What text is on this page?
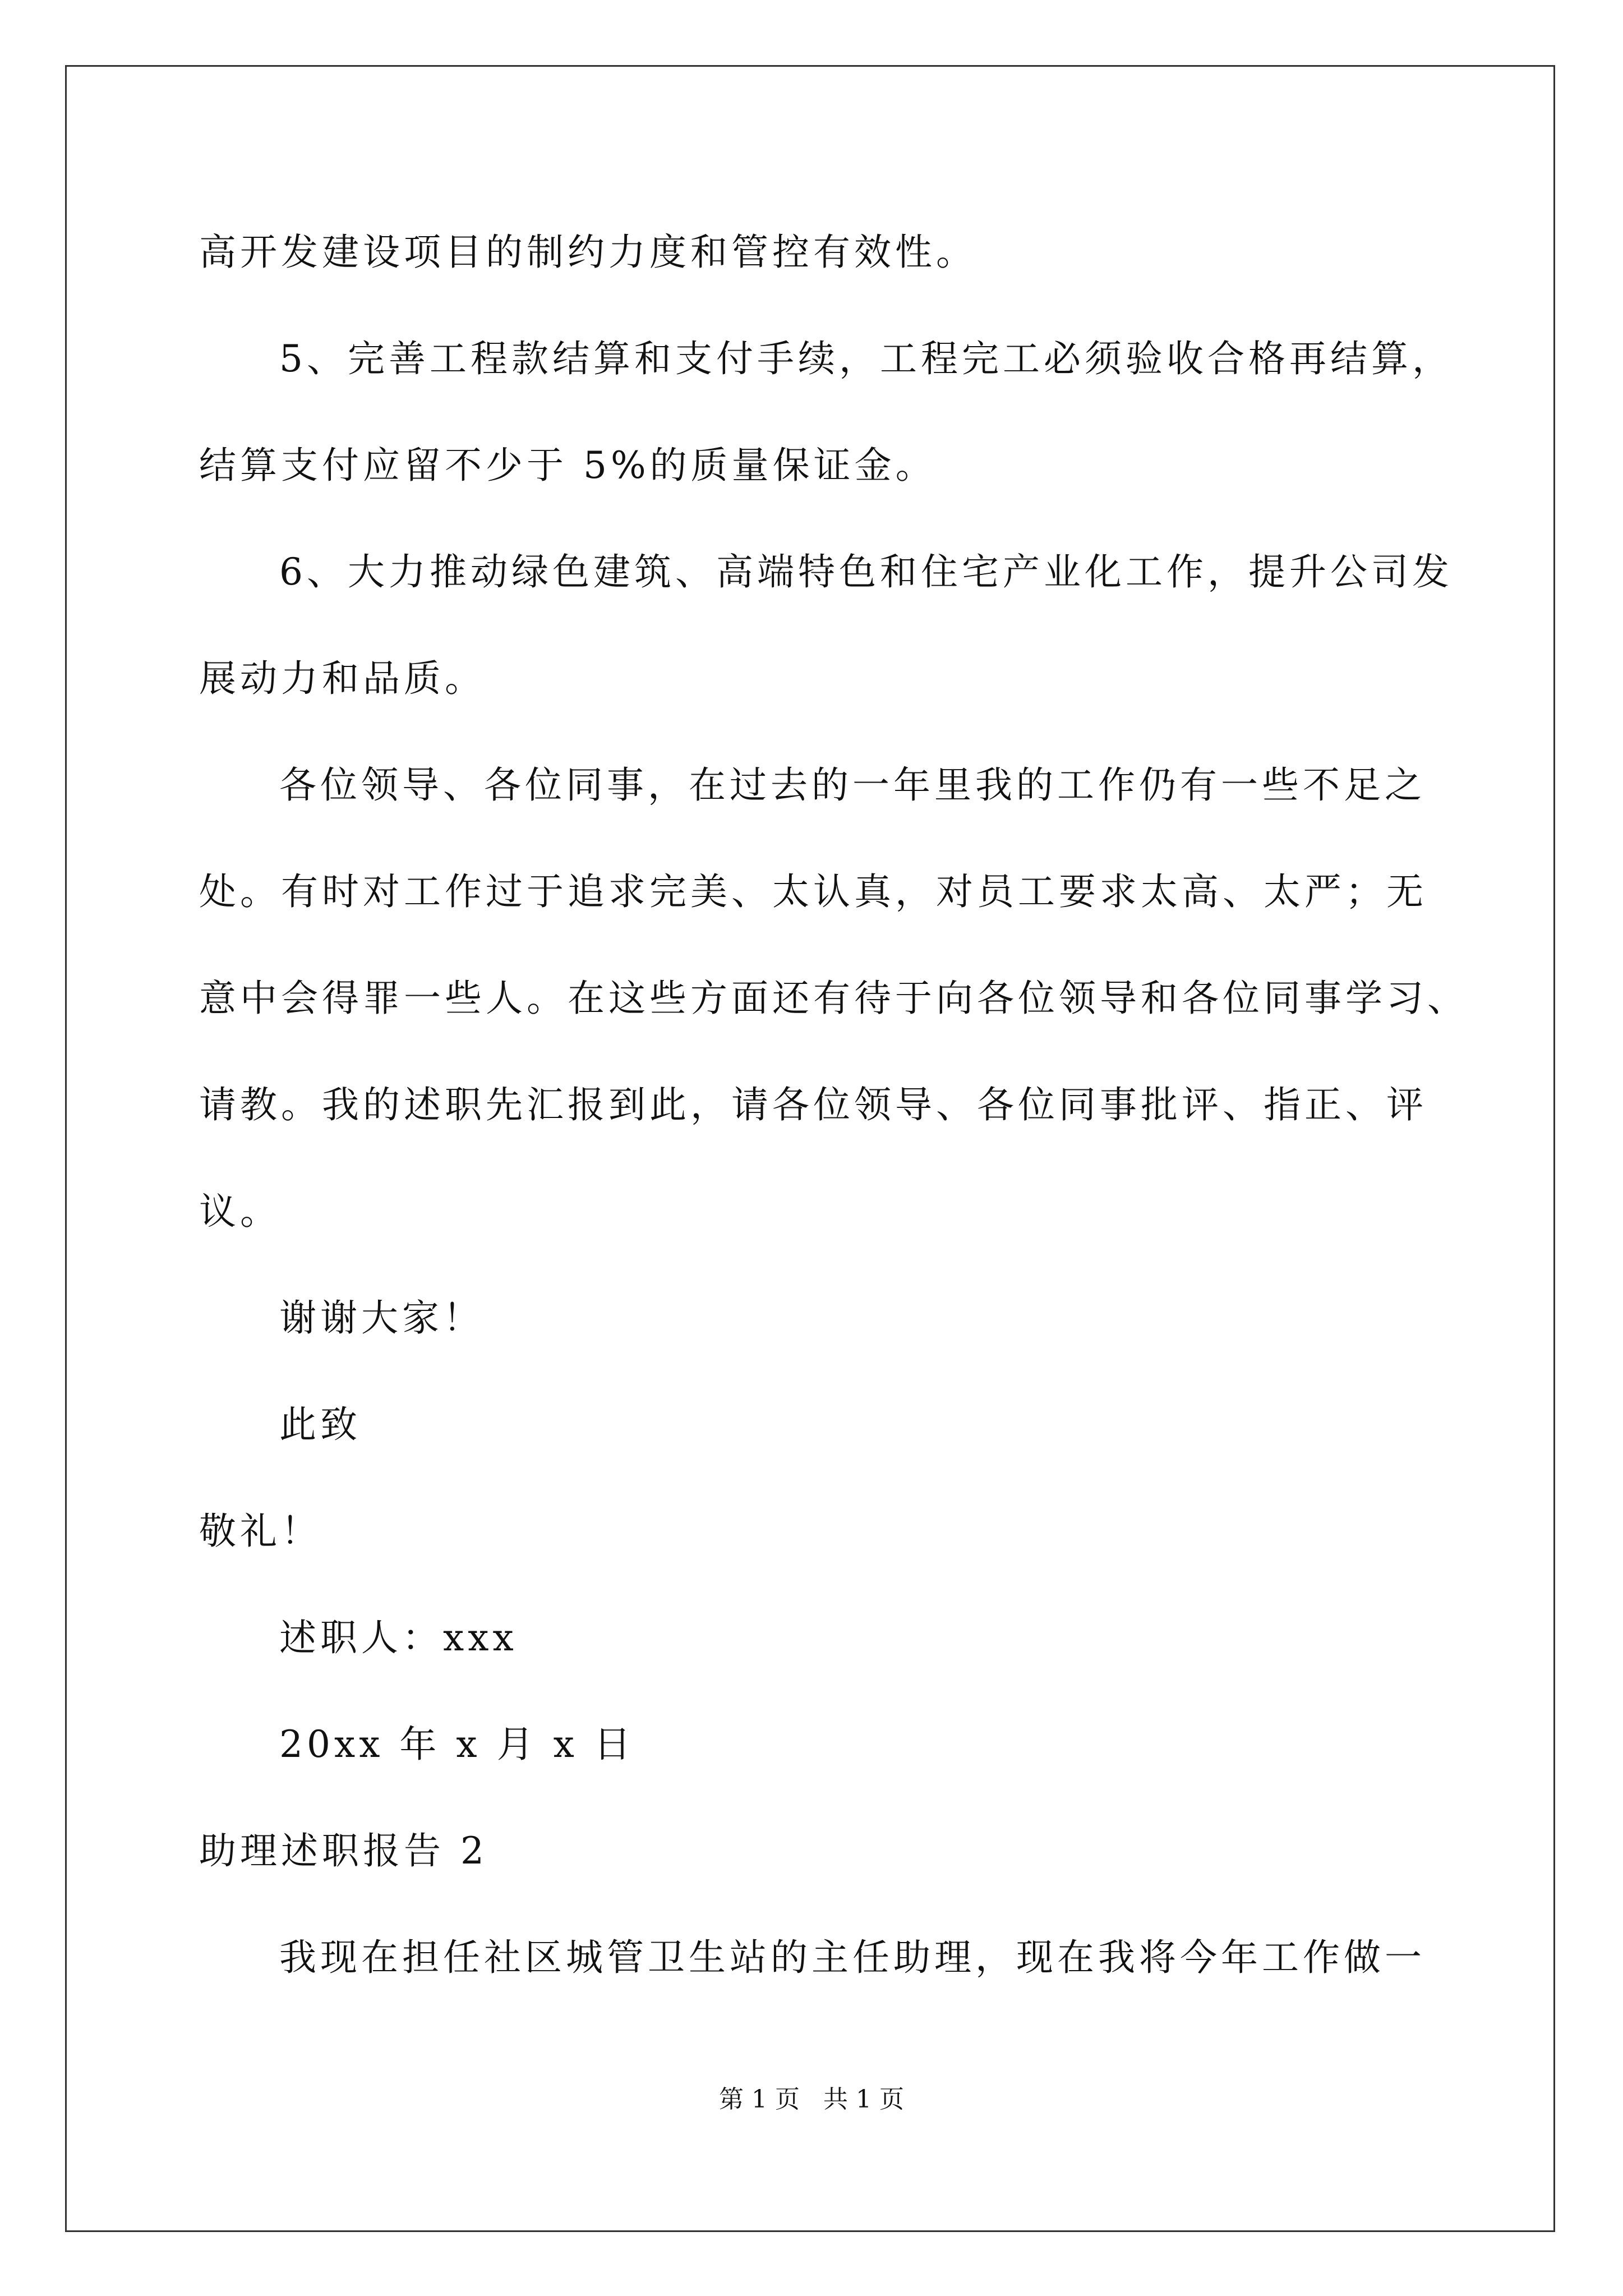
高开发建设项目的制约力度和管控有效性。

5、完善工程款结算和支付手续，工程完工必须验收合格再结算，

结算支付应留不少于 5%的质量保证金。

6、大力推动绿色建筑、高端特色和住宅产业化工作，提升公司发

展动力和品质。

各位领导、各位同事，在过去的一年里我的工作仍有一些不足之

处。有时对工作过于追求完美、太认真，对员工要求太高、太严；无

意中会得罪一些人。在这些方面还有待于向各位领导和各位同事学习、

请教。我的述职先汇报到此，请各位领导、各位同事批评、指正、评

议。

谢谢大家！

此致

敬礼！

述职人：xxx

20xx 年 x 月 x 日

助理述职报告 2

我现在担任社区城管卫生站的主任助理，现在我将今年工作做一

第 1 页   共 1 页
